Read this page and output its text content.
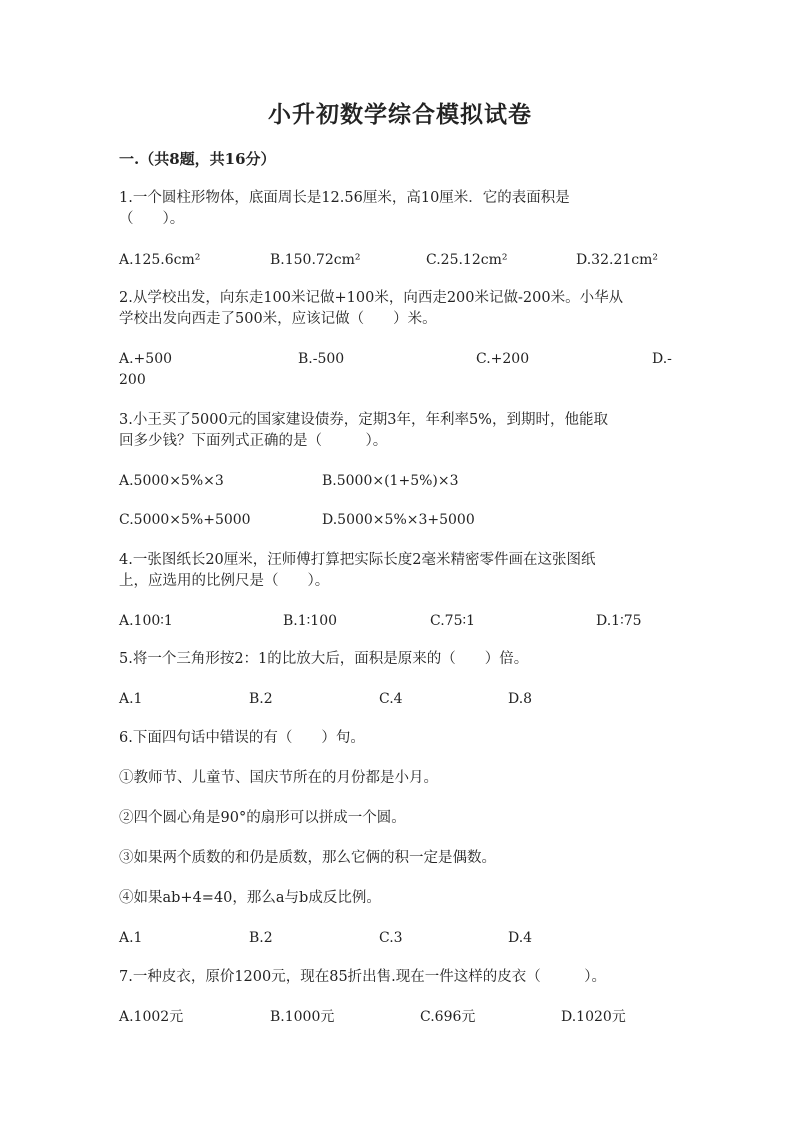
小升初数学综合模拟试卷
一.（共8题，共16分）
1.一个圆柱形物体，底面周长是12.56厘米，高10厘米．它的表面积是
（　　）。
A.125.6cm²	B.150.72cm²	C.25.12cm²	D.32.21cm²
2.从学校出发，向东走100米记做+100米，向西走200米记做-200米。小华从
学校出发向西走了500米，应该记做（　　）米。
A.+500	B.-500	C.+200	D.-
200
3.小王买了5000元的国家建设债券，定期3年，年利率5%，到期时，他能取
回多少钱？下面列式正确的是（　　　）。
A.5000×5%×3	B.5000×(1+5%)×3
C.5000×5%+5000	D.5000×5%×3+5000
4.一张图纸长20厘米，汪师傅打算把实际长度2毫米精密零件画在这张图纸
上，应选用的比例尺是（　　）。
A.100∶1	B.1∶100	C.75∶1	D.1∶75
5.将一个三角形按2：1的比放大后，面积是原来的（　　）倍。
A.1	B.2	C.4	D.8
6.下面四句话中错误的有（　　）句。
①教师节、儿童节、国庆节所在的月份都是小月。
②四个圆心角是90°的扇形可以拼成一个圆。
③如果两个质数的和仍是质数，那么它俩的积一定是偶数。
④如果ab+4=40，那么a与b成反比例。
A.1	B.2	C.3	D.4
7.一种皮衣，原价1200元，现在85折出售.现在一件这样的皮衣（　　　）。
A.1002元	B.1000元	C.696元	D.1020元
